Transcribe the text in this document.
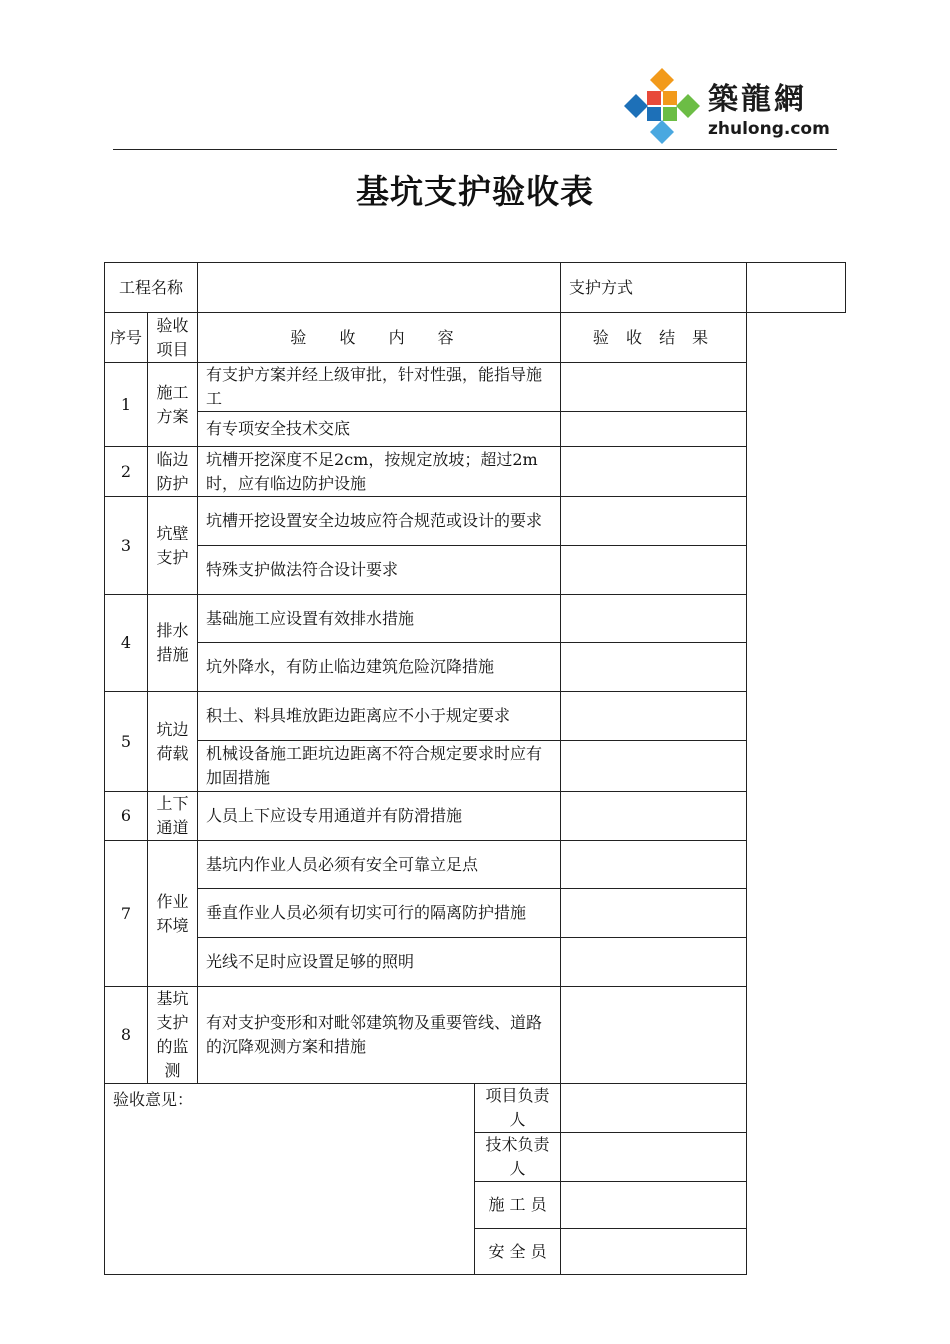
築龍網
zhulong.com
基坑支护验收表
工程名称				支护方式	
序号	验收项目	验 收 内 容		验 收 结 果	
1	施工方案	有支护方案并经上级审批，针对性强，能指导施工			
		有专项安全技术交底			
2	临边防护	坑槽开挖深度不足2cm，按规定放坡；超过2m时，应有临边防护设施			
3	坑壁支护	坑槽开挖设置安全边坡应符合规范或设计的要求			
		特殊支护做法符合设计要求			
4	排水措施	基础施工应设置有效排水措施			
		坑外降水，有防止临边建筑危险沉降措施			
5	坑边荷载	积土、料具堆放距边距离应不小于规定要求			
		机械设备施工距坑边距离不符合规定要求时应有加固措施			
6	上下通道	人员上下应设专用通道并有防滑措施			
7	作业环境	基坑内作业人员必须有安全可靠立足点			
		垂直作业人员必须有切实可行的隔离防护措施			
		光线不足时应设置足够的照明			
8	基坑支护的监测	有对支护变形和对毗邻建筑物及重要管线、道路的沉降观测方案和措施			
验收意见：			项目负责人		
			技术负责人		
			施 工 员		
			安 全 员		
